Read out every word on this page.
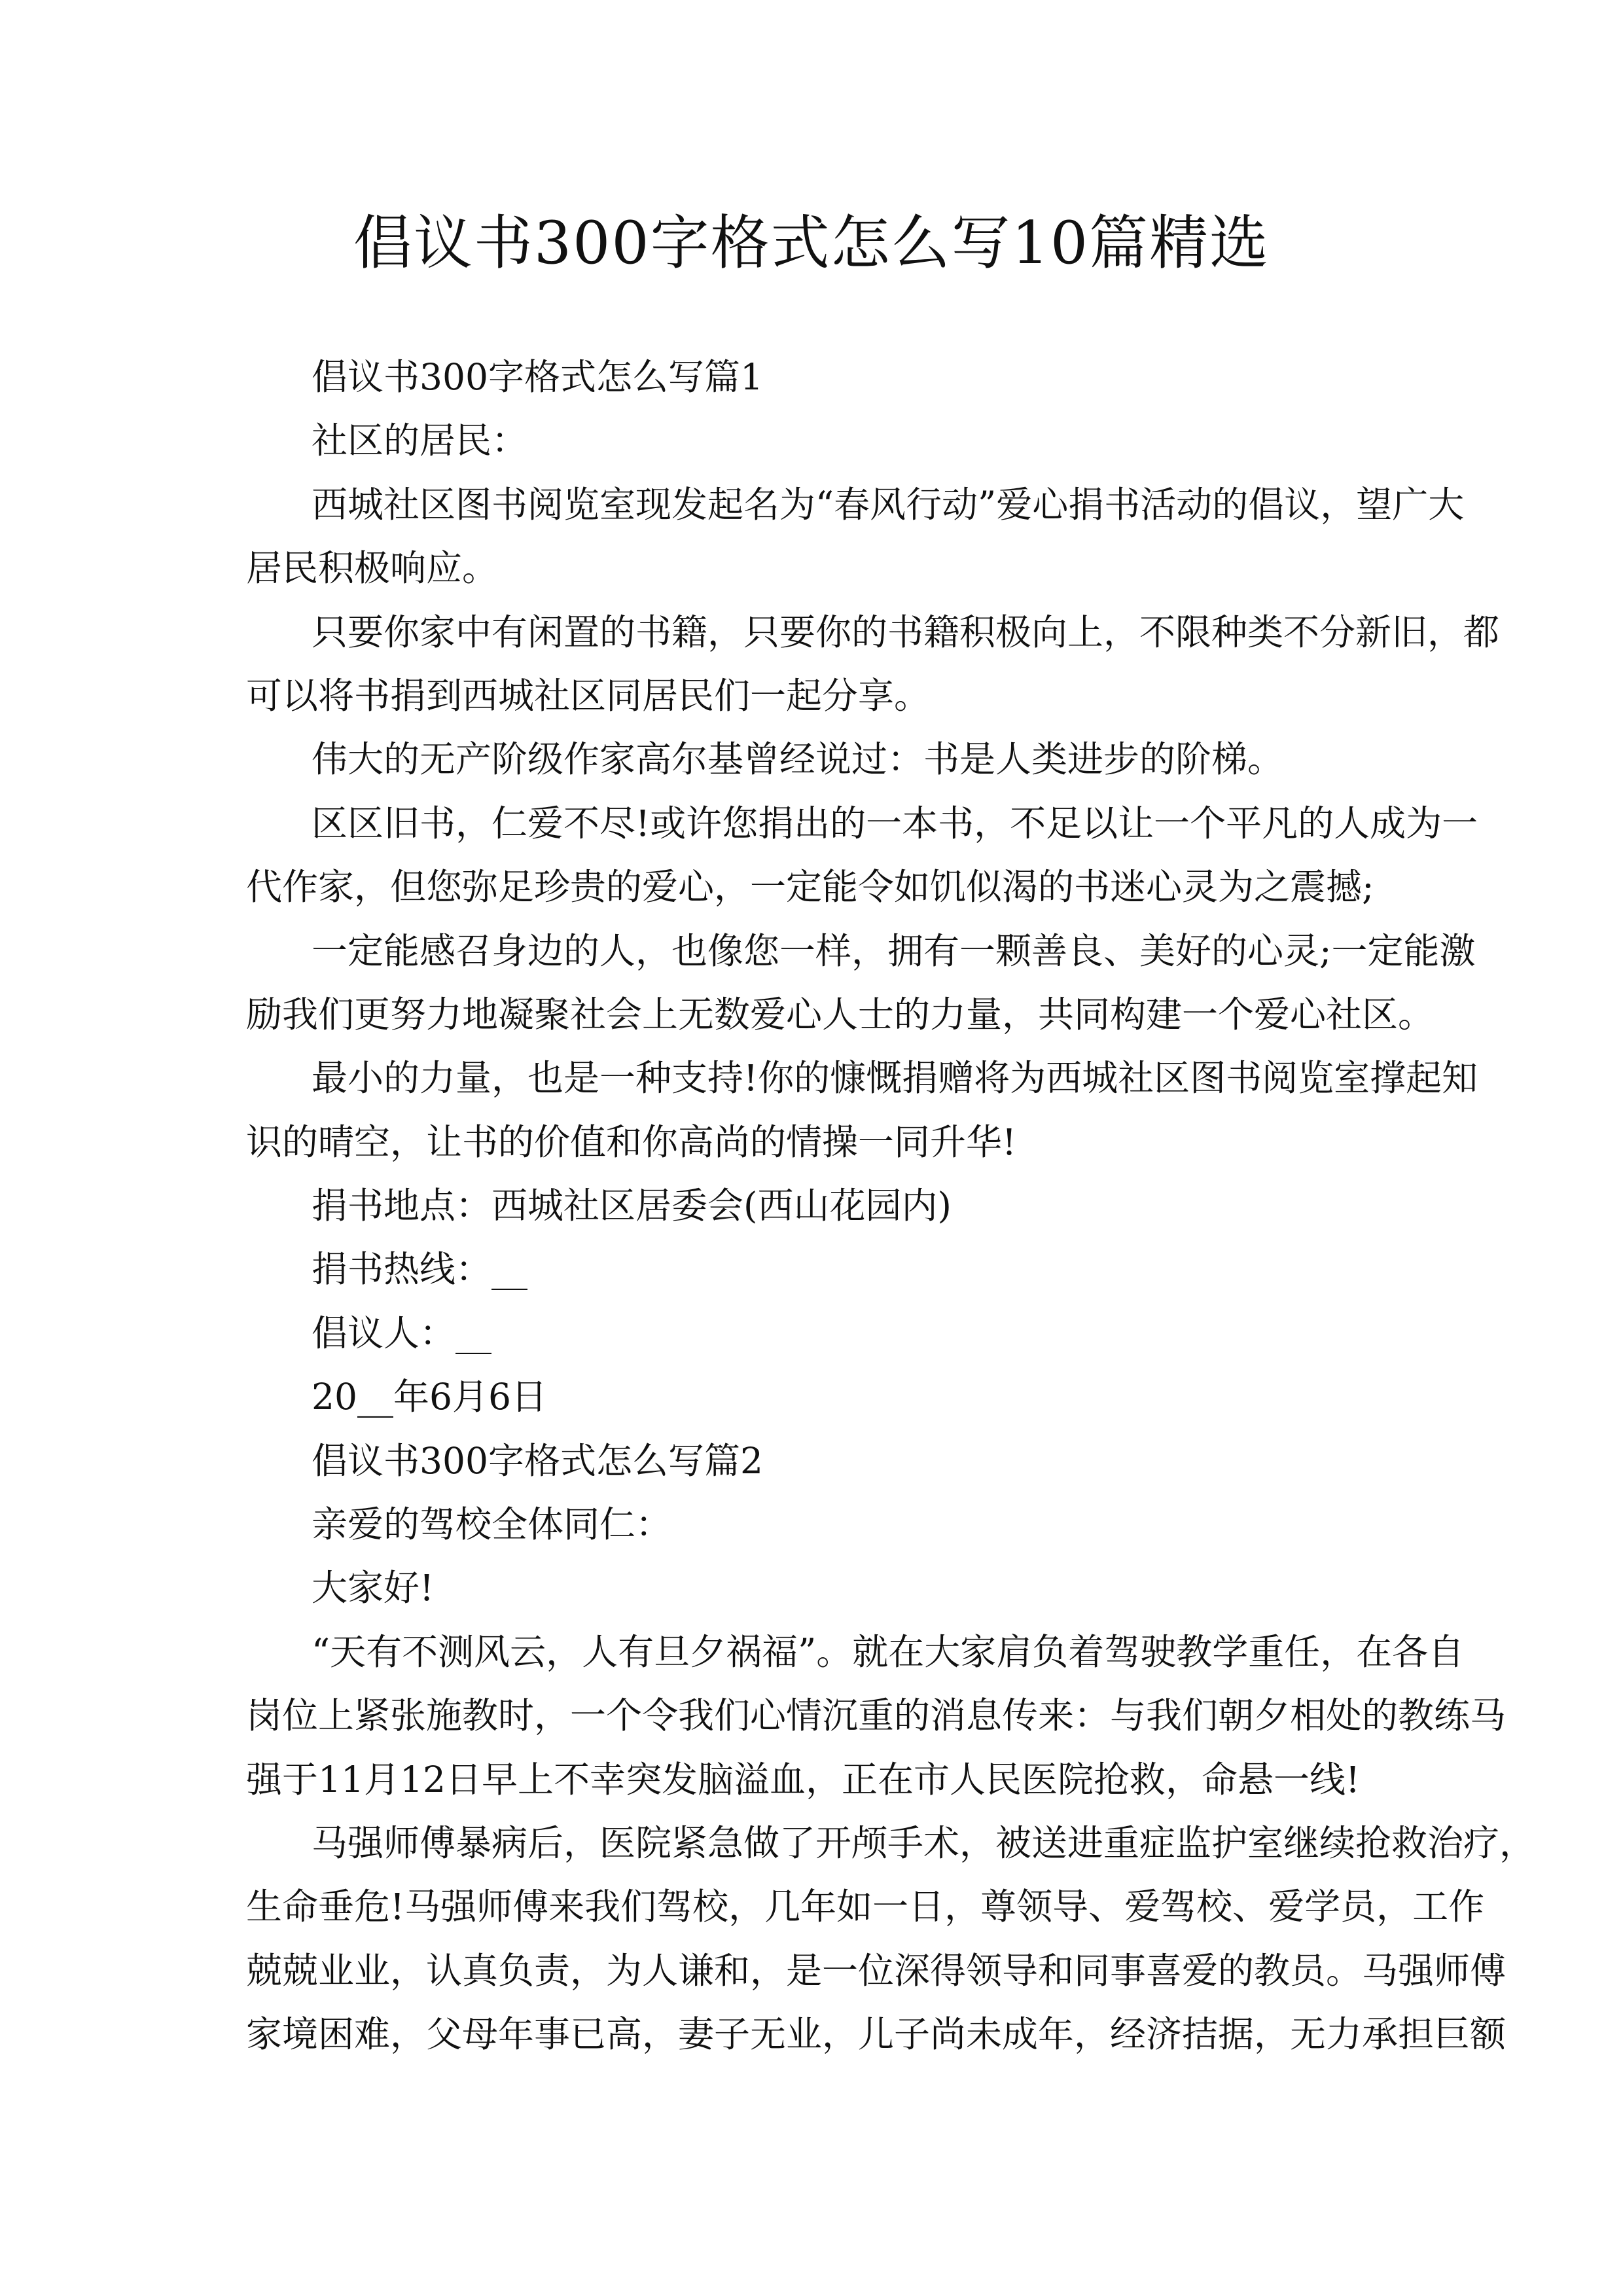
倡议书300字格式怎么写10篇精选
倡议书300字格式怎么写篇1
社区的居民：
西城社区图书阅览室现发起名为“春风行动”爱心捐书活动的倡议，望广大
居民积极响应。
只要你家中有闲置的书籍，只要你的书籍积极向上，不限种类不分新旧，都
可以将书捐到西城社区同居民们一起分享。
伟大的无产阶级作家高尔基曾经说过：书是人类进步的阶梯。
区区旧书，仁爱不尽!或许您捐出的一本书，不足以让一个平凡的人成为一
代作家，但您弥足珍贵的爱心，一定能令如饥似渴的书迷心灵为之震撼;
一定能感召身边的人，也像您一样，拥有一颗善良、美好的心灵;一定能激
励我们更努力地凝聚社会上无数爱心人士的力量，共同构建一个爱心社区。
最小的力量，也是一种支持!你的慷慨捐赠将为西城社区图书阅览室撑起知
识的晴空，让书的价值和你高尚的情操一同升华!
捐书地点：西城社区居委会(西山花园内)
捐书热线：__
倡议人：__
20__年6月6日
倡议书300字格式怎么写篇2
亲爱的驾校全体同仁：
大家好!
“天有不测风云，人有旦夕祸福”。就在大家肩负着驾驶教学重任，在各自
岗位上紧张施教时，一个令我们心情沉重的消息传来：与我们朝夕相处的教练马
强于11月12日早上不幸突发脑溢血，正在市人民医院抢救，命悬一线!
马强师傅暴病后，医院紧急做了开颅手术，被送进重症监护室继续抢救治疗，
生命垂危!马强师傅来我们驾校，几年如一日，尊领导、爱驾校、爱学员，工作
兢兢业业，认真负责，为人谦和，是一位深得领导和同事喜爱的教员。马强师傅
家境困难，父母年事已高，妻子无业，儿子尚未成年，经济拮据，无力承担巨额
